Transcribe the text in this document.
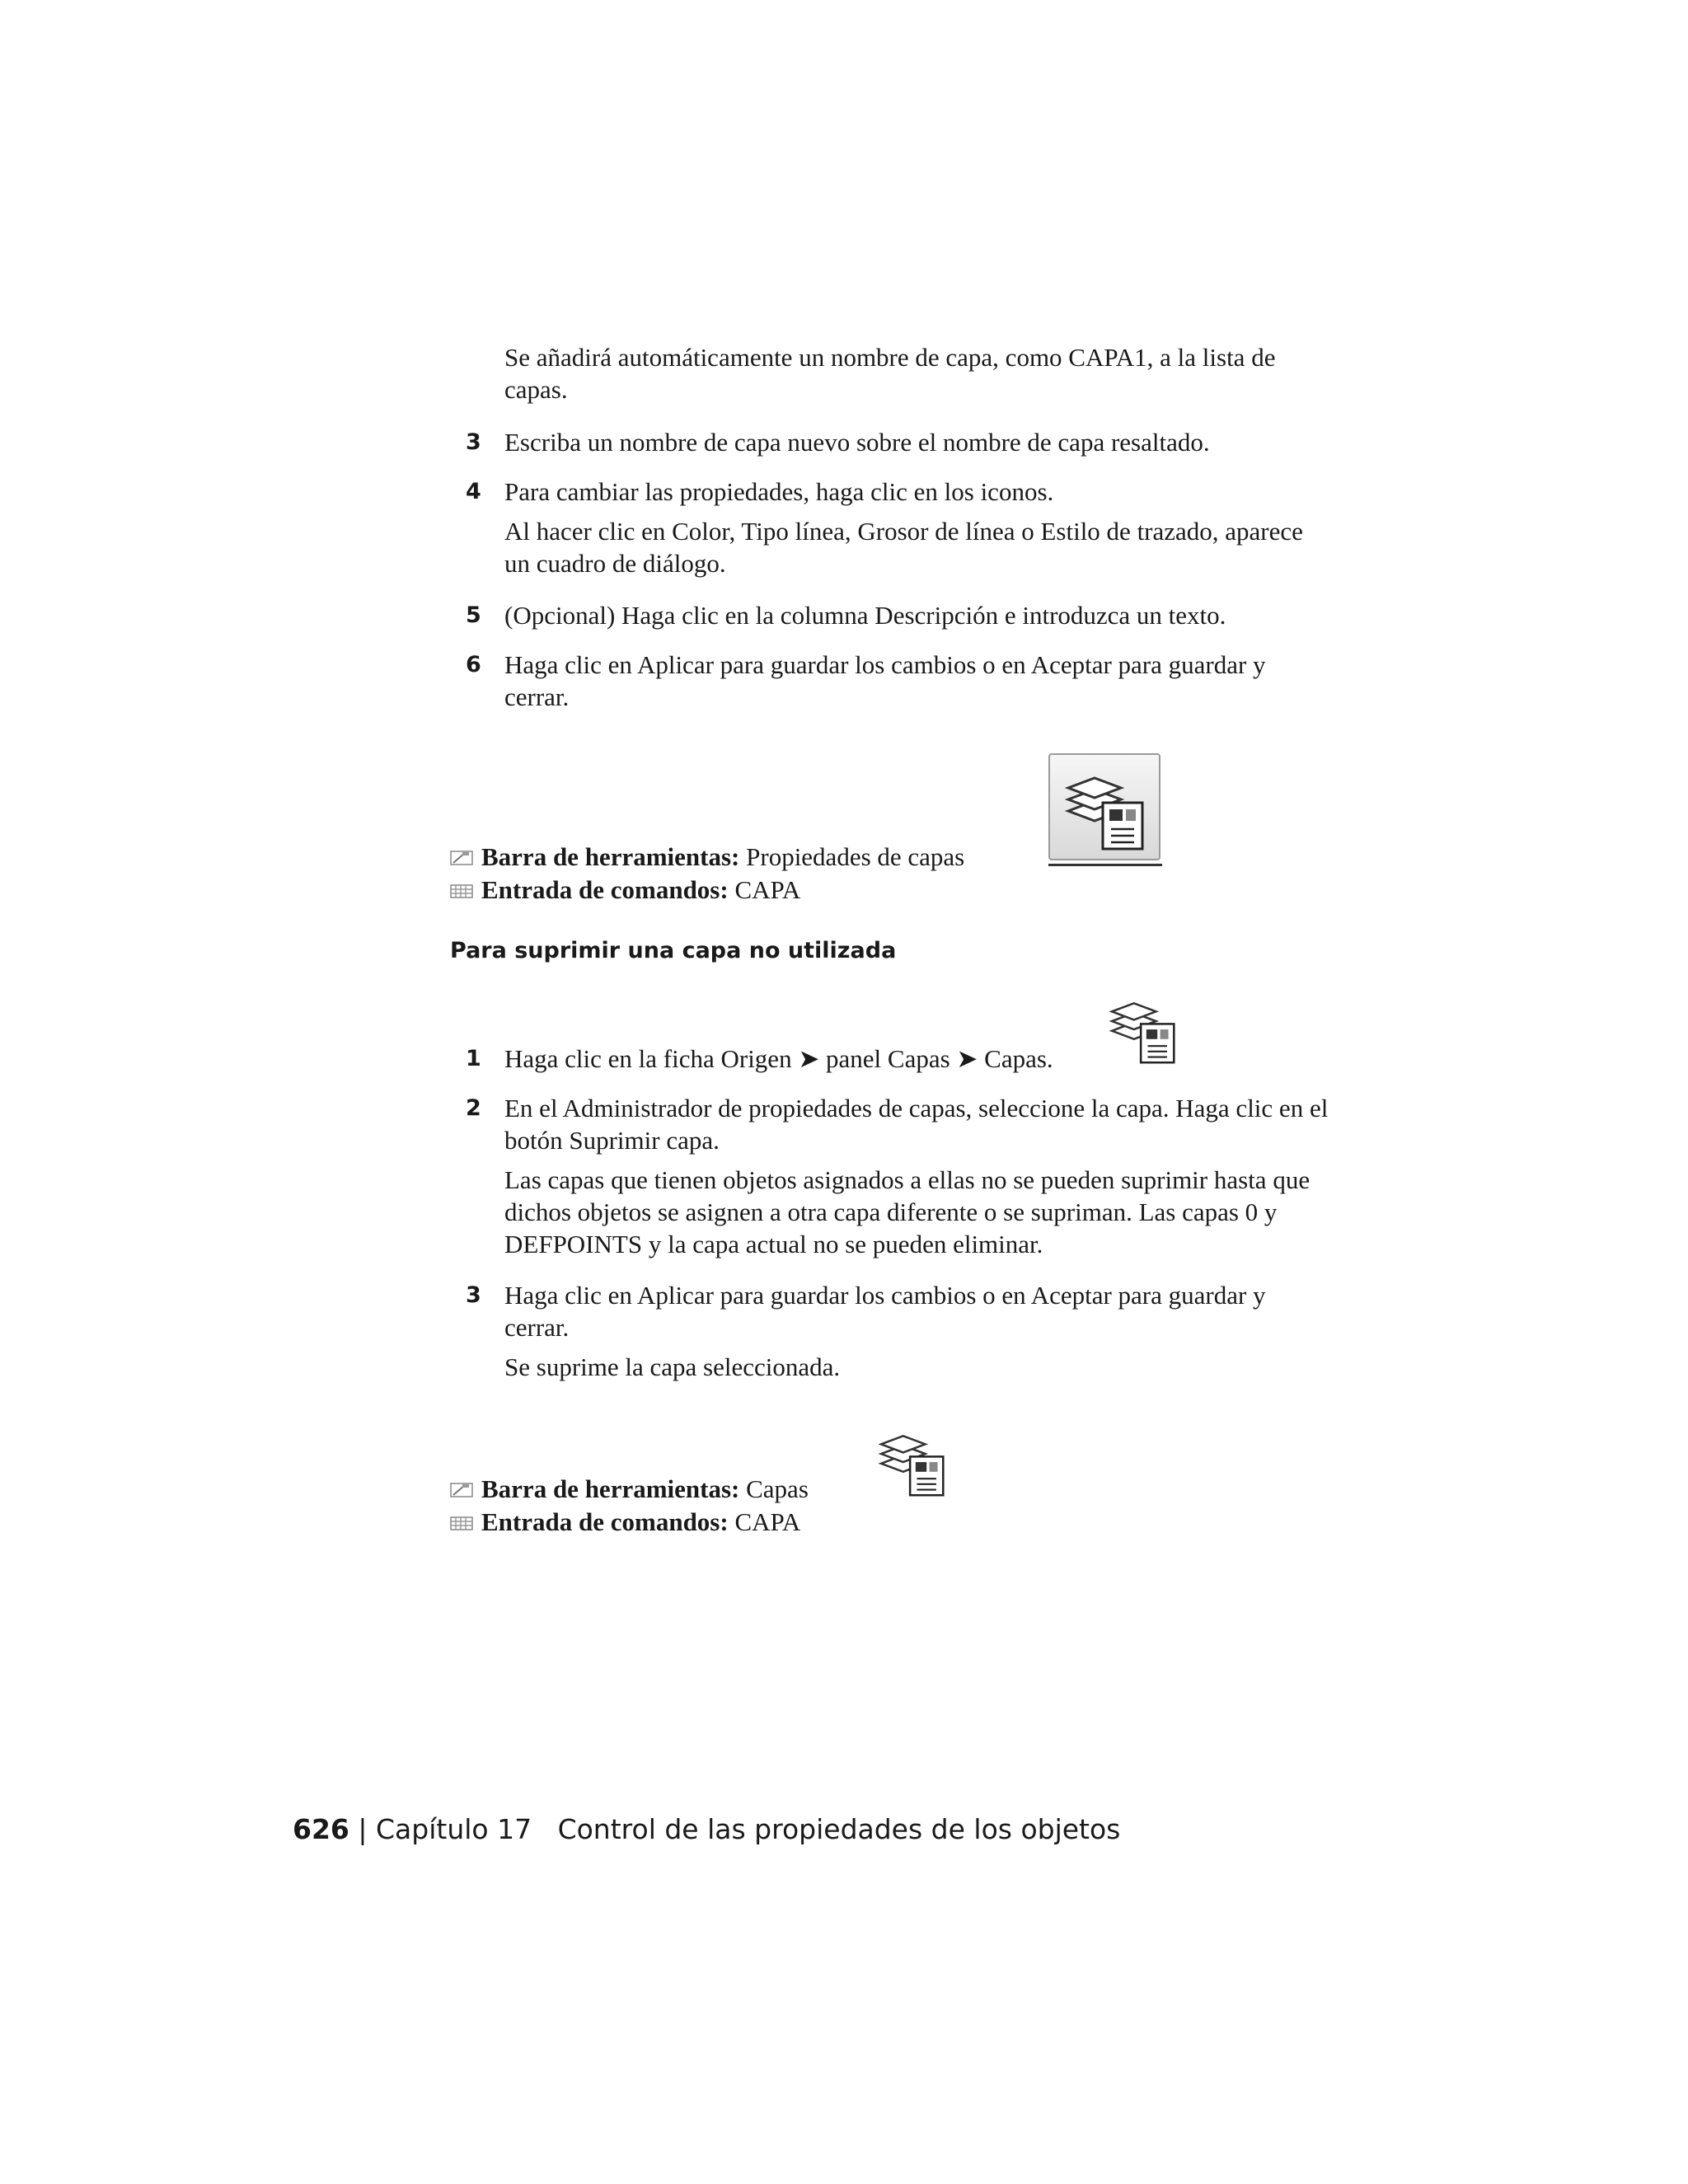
Se añadirá automáticamente un nombre de capa, como CAPA1, a la lista de capas.

3 Escriba un nombre de capa nuevo sobre el nombre de capa resaltado.
4 Para cambiar las propiedades, haga clic en los iconos.
Al hacer clic en Color, Tipo línea, Grosor de línea o Estilo de trazado, aparece un cuadro de diálogo.
5 (Opcional) Haga clic en la columna Descripción e introduzca un texto.
6 Haga clic en Aplicar para guardar los cambios o en Aceptar para guardar y cerrar.
Barra de herramientas: Propiedades de capas
Entrada de comandos: CAPA
Para suprimir una capa no utilizada
1 Haga clic en la ficha Origen ➤ panel Capas ➤ Capas.
2 En el Administrador de propiedades de capas, seleccione la capa. Haga clic en el botón Suprimir capa.
Las capas que tienen objetos asignados a ellas no se pueden suprimir hasta que dichos objetos se asignen a otra capa diferente o se supriman. Las capas 0 y DEFPOINTS y la capa actual no se pueden eliminar.
3 Haga clic en Aplicar para guardar los cambios o en Aceptar para guardar y cerrar.
Se suprime la capa seleccionada.
Barra de herramientas: Capas
Entrada de comandos: CAPA
626 | Capítulo 17 Control de las propiedades de los objetos
